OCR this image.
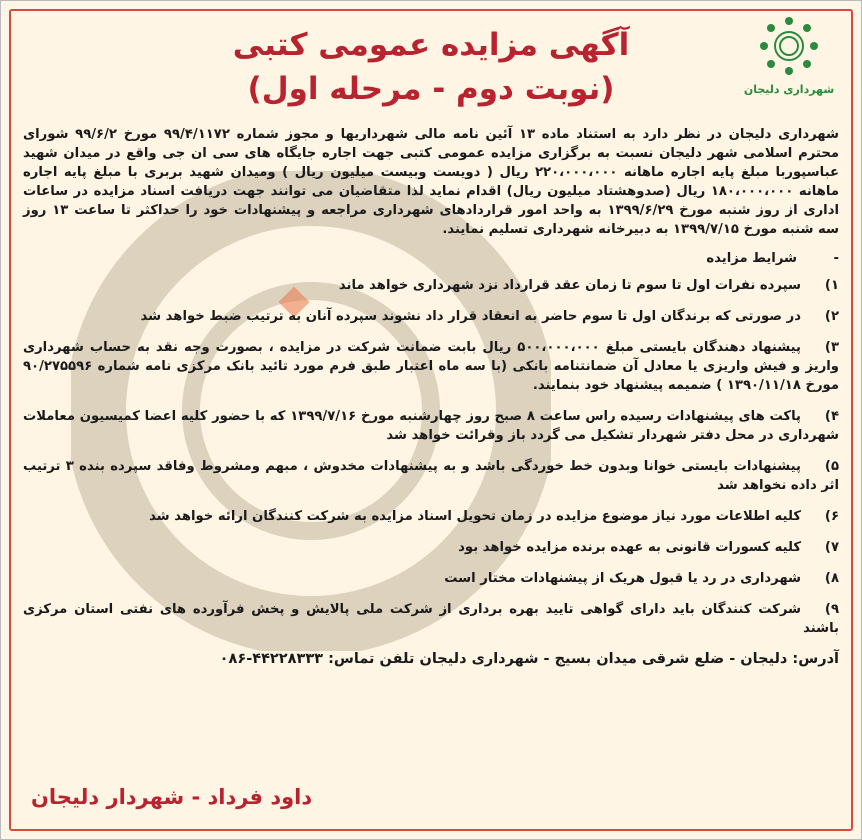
شهرداری دلیجان
آگهی مزایده عمومی کتبی
(نوبت دوم - مرحله اول)

شهرداری دلیجان در نظر دارد به استناد ماده ۱۳ آئین نامه مالی شهرداریها و مجوز شماره ۹۹/۴/۱۱۷۲ مورخ ۹۹/۶/۲ شورای محترم اسلامی شهر دلیجان نسبت به برگزاری مزایده عمومی کتبی جهت اجاره جایگاه های سی ان جی واقع در میدان شهید عباسپوربا مبلغ پایه اجاره ماهانه ۲۲۰،۰۰۰،۰۰۰ ریال ( دویست وبیست میلیون ریال ) ومیدان شهید بربری با مبلغ پایه اجاره ماهانه ۱۸۰،۰۰۰،۰۰۰ ریال (صدوهشتاد میلیون ریال) اقدام نماید لذا متقاضیان می توانند جهت دریافت اسناد مزایده در ساعات اداری از روز شنبه مورخ ۱۳۹۹/۶/۲۹ به واحد امور قراردادهای شهرداری مراجعه و پیشنهادات خود را حداکثر تا ساعت ۱۳ روز سه شنبه مورخ ۱۳۹۹/۷/۱۵ به دبیرخانه شهرداری تسلیم نمایند.

-شرایط مزایده
۱)سپرده نفرات اول تا سوم تا زمان عقد قرارداد نزد شهرداری خواهد ماند
۲)در صورتی که برندگان اول تا سوم حاضر به انعقاد قرار داد نشوند سپرده آنان به ترتیب ضبط خواهد شد
۳)پیشنهاد دهندگان بایستی مبلغ ۵۰۰،۰۰۰،۰۰۰ ریال بابت ضمانت شرکت در مزایده ، بصورت وجه نقد به حساب شهرداری واریز و فیش واریزی یا معادل آن ضمانتنامه بانکی (با سه ماه اعتبار طبق فرم مورد تائید بانک مرکزی نامه شماره ۹۰/۲۷۵۵۹۶ مورخ ۱۳۹۰/۱۱/۱۸ ) ضمیمه پیشنهاد خود بنمایند.
۴)پاکت های پیشنهادات رسیده راس ساعت ۸ صبح روز چهارشنبه مورخ ۱۳۹۹/۷/۱۶ که با حضور کلیه اعضا کمیسیون معاملات شهرداری در محل دفتر شهردار تشکیل می گردد باز وقرائت خواهد شد
۵)پیشنهادات بایستی خوانا وبدون خط خوردگی باشد و به پیشنهادات مخدوش ، مبهم ومشروط وفاقد سپرده بنده ۳ ترتیب اثر داده نخواهد شد
۶)کلیه اطلاعات مورد نیاز موضوع مزایده در زمان تحویل اسناد مزایده به شرکت کنندگان ارائه خواهد شد
۷)کلیه کسورات قانونی به عهده برنده مزایده خواهد بود
۸)شهرداری در رد یا قبول هریک از پیشنهادات مختار است
۹)شرکت کنندگان باید دارای گواهی تایید بهره برداری از شرکت ملی پالایش و پخش فرآورده های نفتی استان مرکزی باشند
آدرس: دلیجان - ضلع شرقی میدان بسیج - شهرداری دلیجان تلفن تماس: ۴۴۲۲۸۳۳۳-۰۸۶
داود فرداد - شهردار دلیجان
